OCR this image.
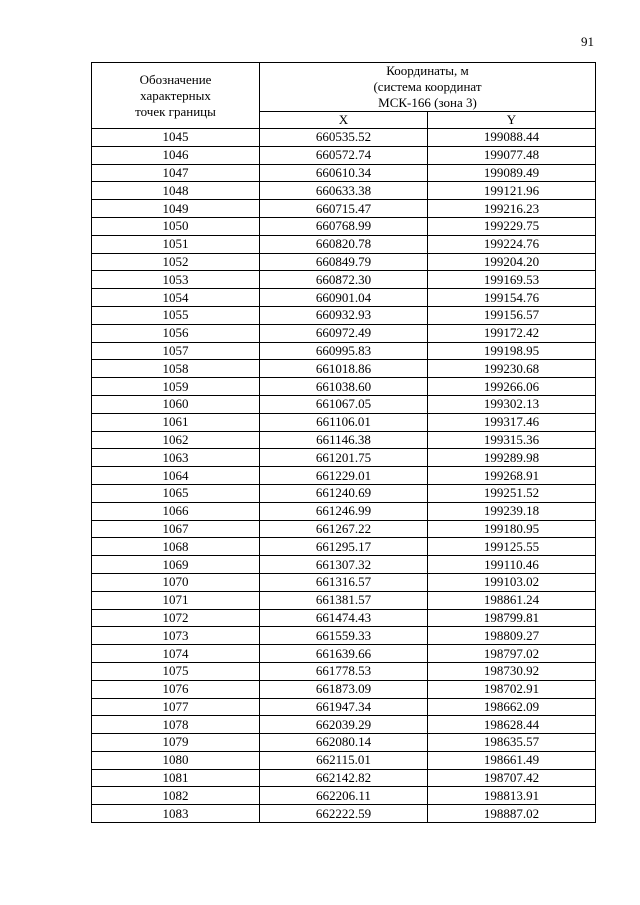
91
Обозначение
характерных
точек границы	Координаты, м
(система координат
МСК-166 (зона 3)	

	X	Y
1045	660535.52	199088.44
1046	660572.74	199077.48
1047	660610.34	199089.49
1048	660633.38	199121.96
1049	660715.47	199216.23
1050	660768.99	199229.75
1051	660820.78	199224.76
1052	660849.79	199204.20
1053	660872.30	199169.53
1054	660901.04	199154.76
1055	660932.93	199156.57
1056	660972.49	199172.42
1057	660995.83	199198.95
1058	661018.86	199230.68
1059	661038.60	199266.06
1060	661067.05	199302.13
1061	661106.01	199317.46
1062	661146.38	199315.36
1063	661201.75	199289.98
1064	661229.01	199268.91
1065	661240.69	199251.52
1066	661246.99	199239.18
1067	661267.22	199180.95
1068	661295.17	199125.55
1069	661307.32	199110.46
1070	661316.57	199103.02
1071	661381.57	198861.24
1072	661474.43	198799.81
1073	661559.33	198809.27
1074	661639.66	198797.02
1075	661778.53	198730.92
1076	661873.09	198702.91
1077	661947.34	198662.09
1078	662039.29	198628.44
1079	662080.14	198635.57
1080	662115.01	198661.49
1081	662142.82	198707.42
1082	662206.11	198813.91
1083	662222.59	198887.02
